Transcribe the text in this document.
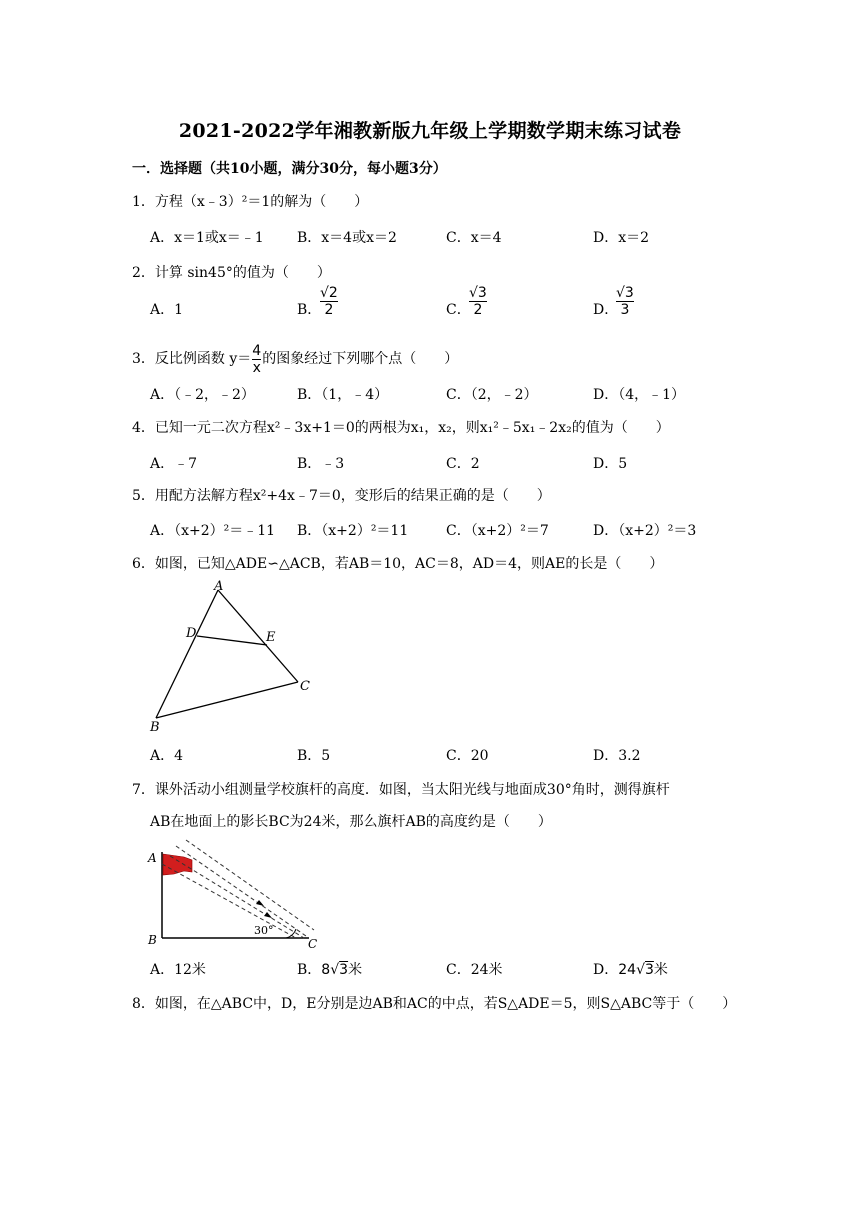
2021-2022学年湘教新版九年级上学期数学期末练习试卷
一．选择题（共10小题，满分30分，每小题3分）
1．方程（x﹣3）²＝1的解为（　　）
A．x＝1或x＝﹣1 B．x＝4或x＝2	C．x＝4	D．x＝2
2．计算 sin45°的值为（　　）
A．1	B．
$\frac{√2}{2}$	C．
$\frac{√3}{2}$	D．
$\frac{√3}{3}$
3．反比例函数 $y= \frac{4}{x}$ 的图象经过下列哪个点（　　）
A．（﹣2，﹣2）	B．（1，﹣4）	C．（2，﹣2）	D．（4，﹣1）
4．已知一元二次方程x²﹣3x+1＝0的两根为x₁，x₂，则x₁²﹣5x₁﹣2x₂的值为（　　）
A．﹣7	B．﹣3	C．2	D．5
5．用配方法解方程x²+4x﹣7＝0，变形后的结果正确的是（　　）
A．（x+2）²＝﹣11 B．（x+2）²＝11	C．（x+2）²＝7	D．（x+2）²＝3
6．如图，已知△ADE∽△ACB，若AB＝10，AC＝8，AD＝4，则AE的长是（　　）
A
D	E
C
B
A．4	B．5	C．20	D．3.2
7．课外活动小组测量学校旗杆的高度．如图，当太阳光线与地面成30°角时，测得旗杆
AB在地面上的影长BC为24米，那么旗杆AB的高度约是（　　）
A
B	C
30°
A．12米	B．8√3米	C．24米	D．24√3米
8．如图，在△ABC中，D，E分别是边AB和AC的中点，若S△ADE＝5，则S△ABC等于（　　）
